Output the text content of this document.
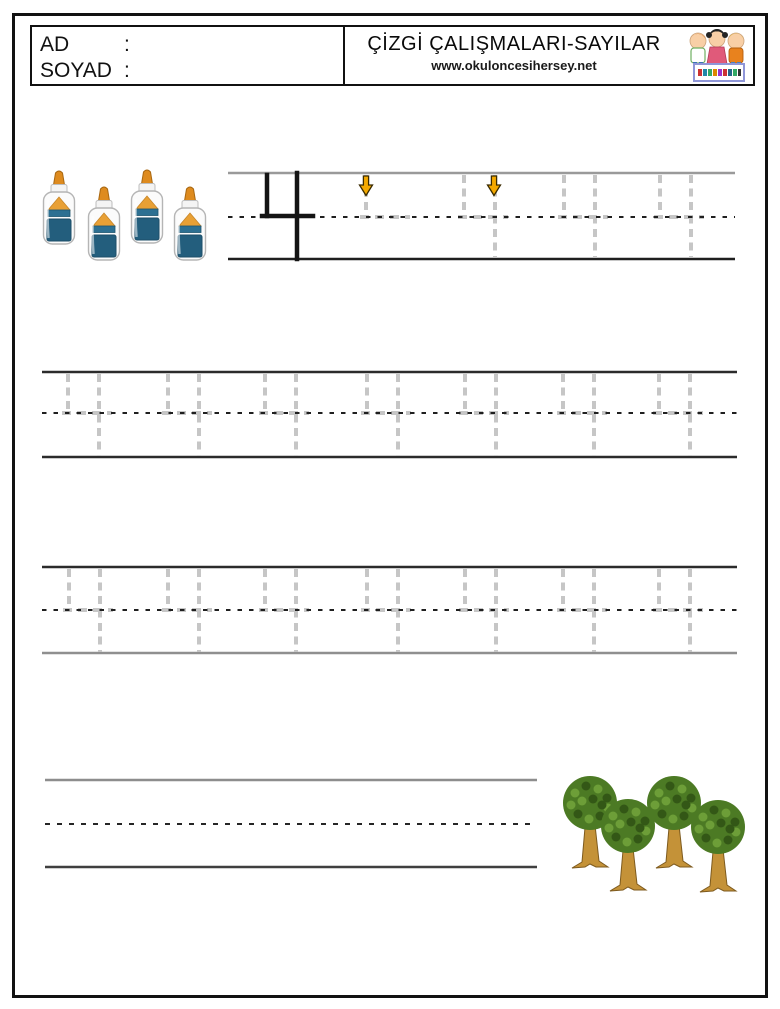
AD	:
SOYAD :
ÇİZGİ ÇALIŞMALARI-SAYILAR
www.okuloncesihersey.net
